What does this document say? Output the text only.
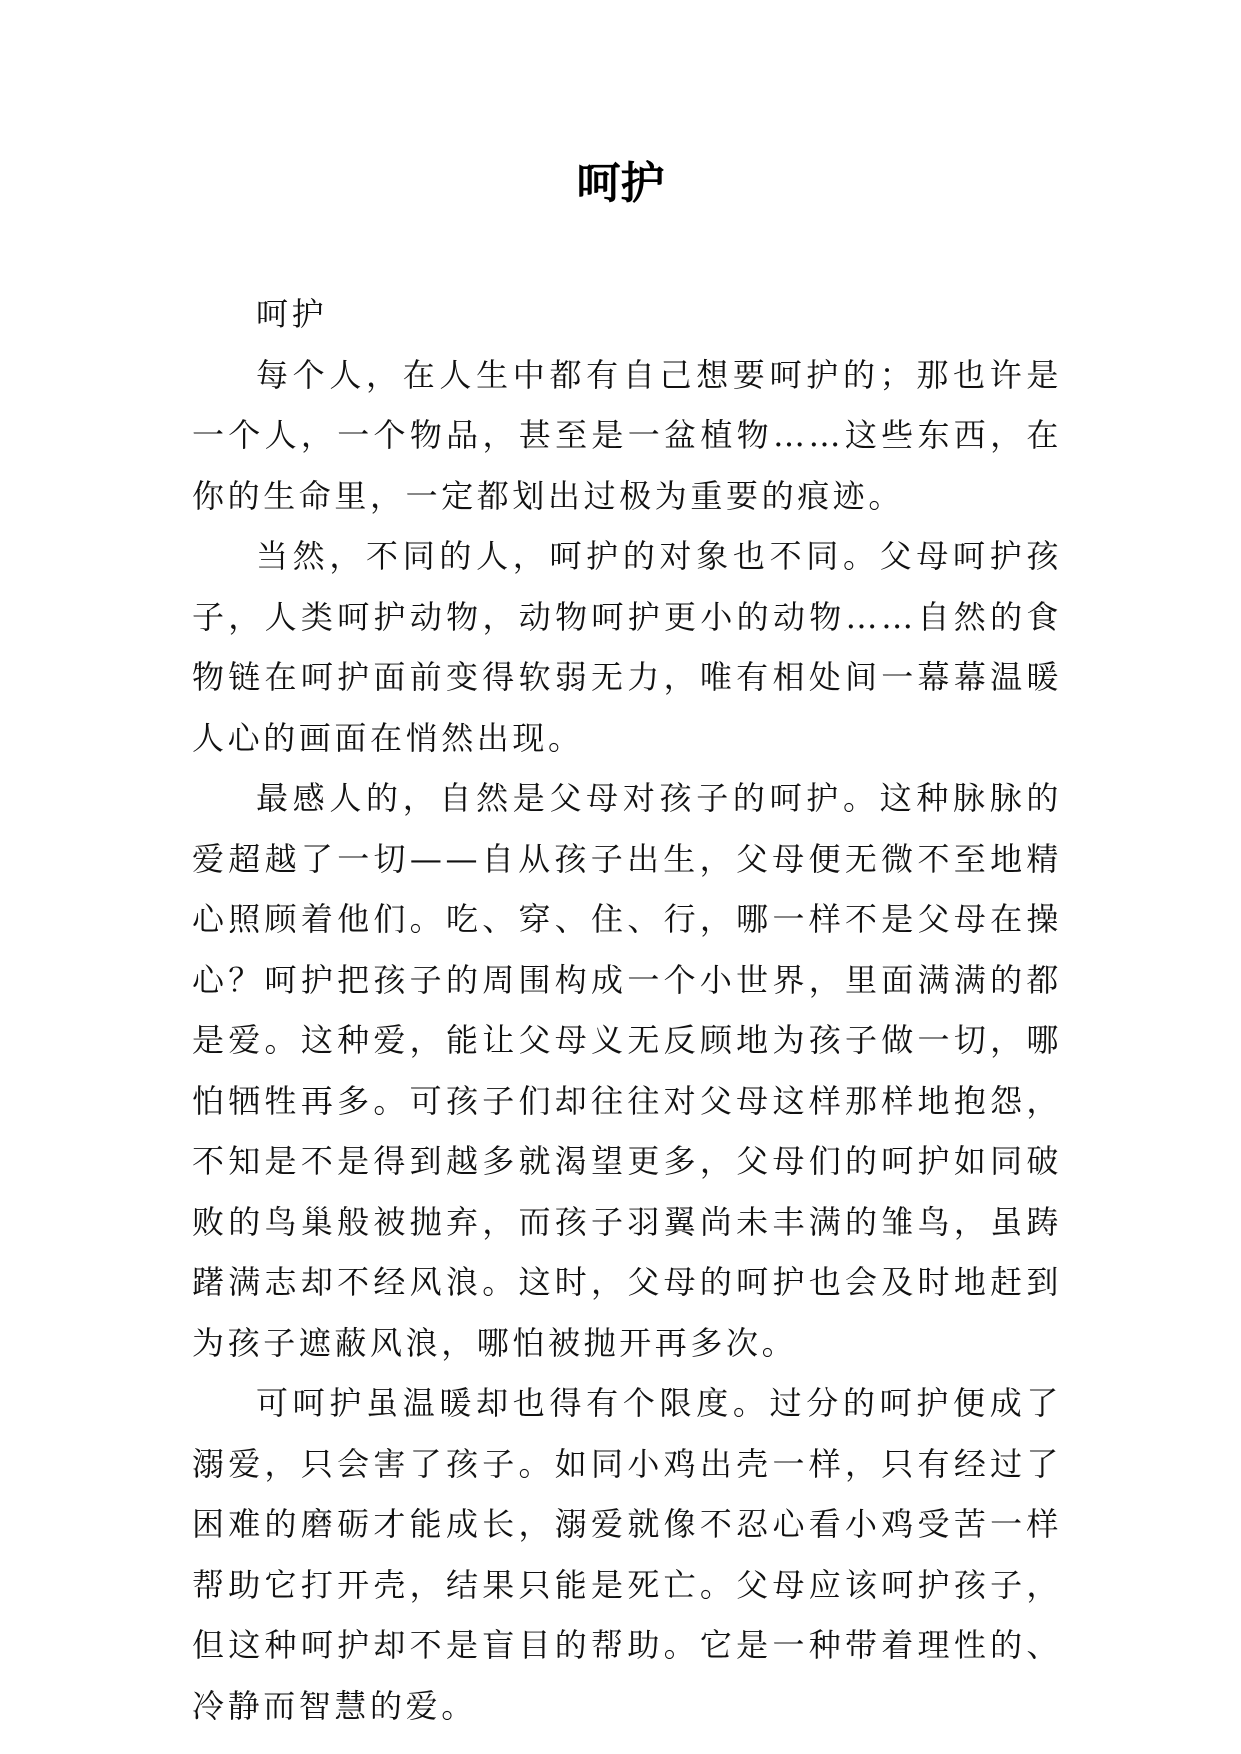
呵护

呵护

每个人，在人生中都有自己想要呵护的；那也许是一个人，一个物品，甚至是一盆植物……这些东西，在你的生命里，一定都划出过极为重要的痕迹。

当然，不同的人，呵护的对象也不同。父母呵护孩子，人类呵护动物，动物呵护更小的动物……自然的食物链在呵护面前变得软弱无力，唯有相处间一幕幕温暖人心的画面在悄然出现。

最感人的，自然是父母对孩子的呵护。这种脉脉的爱超越了一切——自从孩子出生，父母便无微不至地精心照顾着他们。吃、穿、住、行，哪一样不是父母在操心？呵护把孩子的周围构成一个小世界，里面满满的都是爱。这种爱，能让父母义无反顾地为孩子做一切，哪怕牺牲再多。可孩子们却往往对父母这样那样地抱怨，不知是不是得到越多就渴望更多，父母们的呵护如同破败的鸟巢般被抛弃，而孩子羽翼尚未丰满的雏鸟，虽踌躇满志却不经风浪。这时，父母的呵护也会及时地赶到为孩子遮蔽风浪，哪怕被抛开再多次。

可呵护虽温暖却也得有个限度。过分的呵护便成了溺爱，只会害了孩子。如同小鸡出壳一样，只有经过了困难的磨砺才能成长，溺爱就像不忍心看小鸡受苦一样帮助它打开壳，结果只能是死亡。父母应该呵护孩子，但这种呵护却不是盲目的帮助。它是一种带着理性的、冷静而智慧的爱。
